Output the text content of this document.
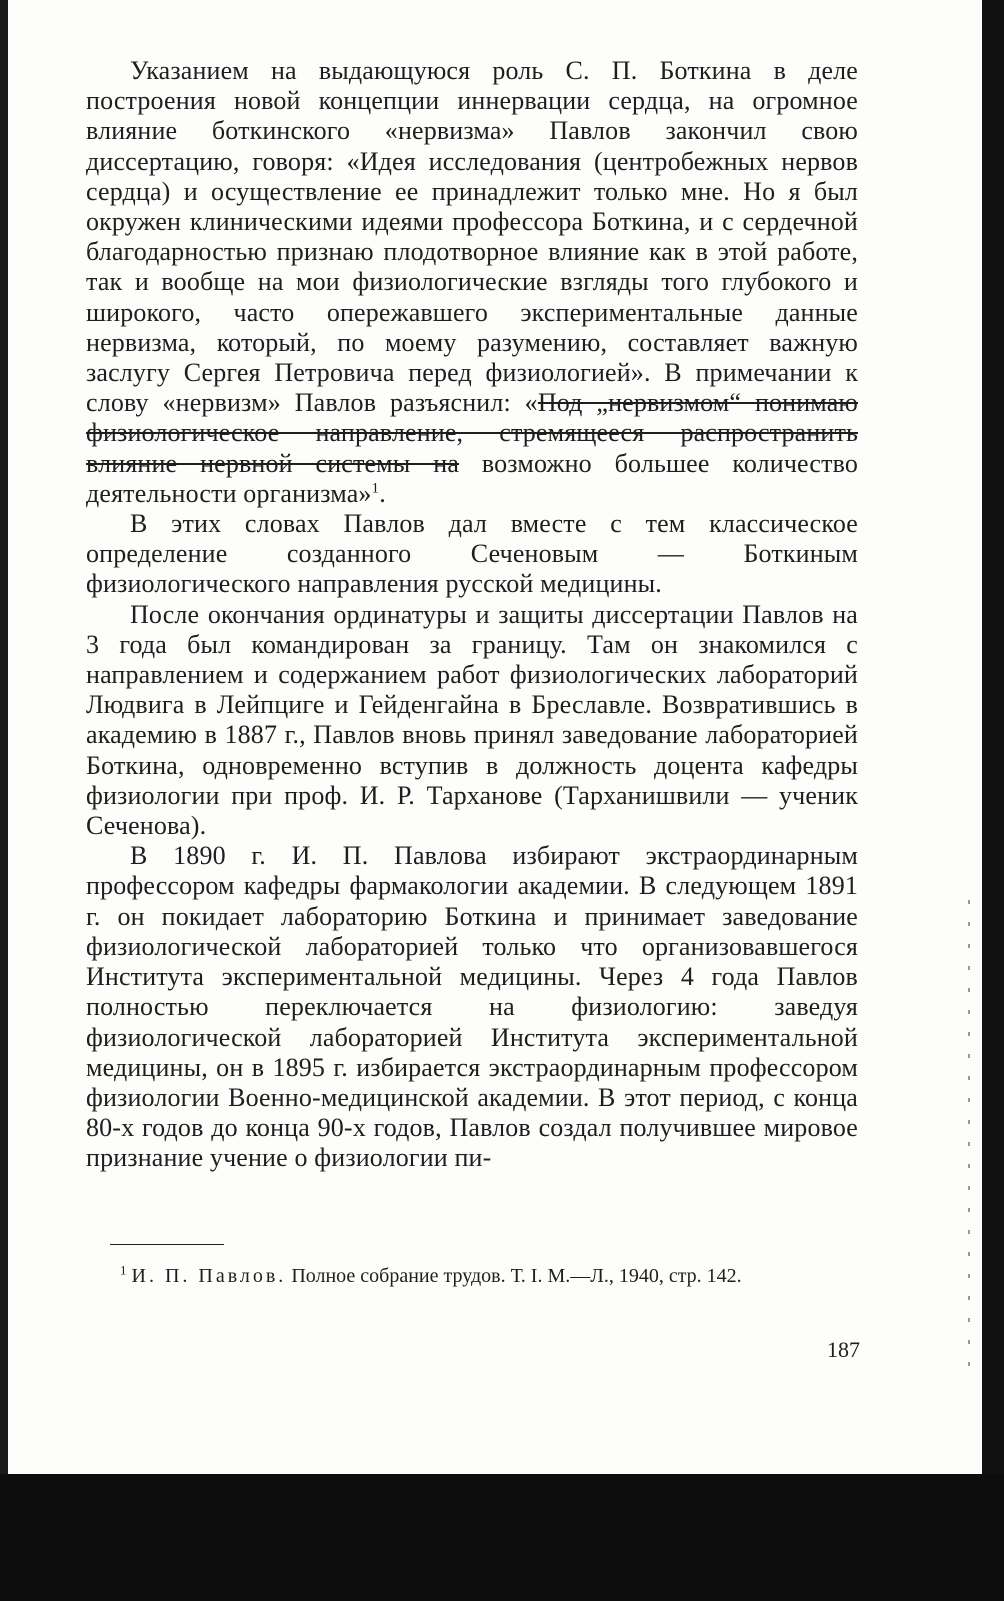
Указанием на выдающуюся роль С. П. Боткина в деле построения новой концепции иннервации сердца, на огромное влияние боткинского «нервизма» Павлов закончил свою диссертацию, говоря: «Идея исследования (центробежных нервов сердца) и осуществление ее принадлежит только мне. Но я был окружен клиническими идеями профессора Боткина, и с сердечной благодарностью признаю плодотворное влияние как в этой работе, так и вообще на мои физиологические взгляды того глубокого и широкого, часто опережавшего экспериментальные данные нервизма, который, по моему разумению, составляет важную заслугу Сергея Петровича перед физиологией». В примечании к слову «нервизм» Павлов разъяснил: «Под „нервизмом“ понимаю физиологическое направление, стремящееся распространить влияние нервной системы на возможно большее количество деятельности организма»$^1$.

В этих словах Павлов дал вместе с тем классическое определение созданного Сеченовым — Боткиным физиологического направления русской медицины.

После окончания ординатуры и защиты диссертации Павлов на 3 года был командирован за границу. Там он знакомился с направлением и содержанием работ физиологических лабораторий Людвига в Лейпциге и Гейденгайна в Бреславле. Возвратившись в академию в 1887 г., Павлов вновь принял заведование лабораторией Боткина, одновременно вступив в должность доцента кафедры физиологии при проф. И. Р. Тарханове (Тарханишвили — ученик Сеченова).

В 1890 г. И. П. Павлова избирают экстраординарным профессором кафедры фармакологии академии. В следующем 1891 г. он покидает лабораторию Боткина и принимает заведование физиологической лабораторией только что организовавшегося Института экспериментальной медицины. Через 4 года Павлов полностью переключается на физиологию: заведуя физиологической лабораторией Института экспериментальной медицины, он в 1895 г. избирается экстраординарным профессором физиологии Военно-медицинской академии. В этот период, с конца 80-х годов до конца 90-х годов, Павлов создал получившее мировое признание учение о физиологии пи-

$^1$ И. П. Павлов. Полное собрание трудов. Т. I. М.—Л., 1940, стр. 142.
187
